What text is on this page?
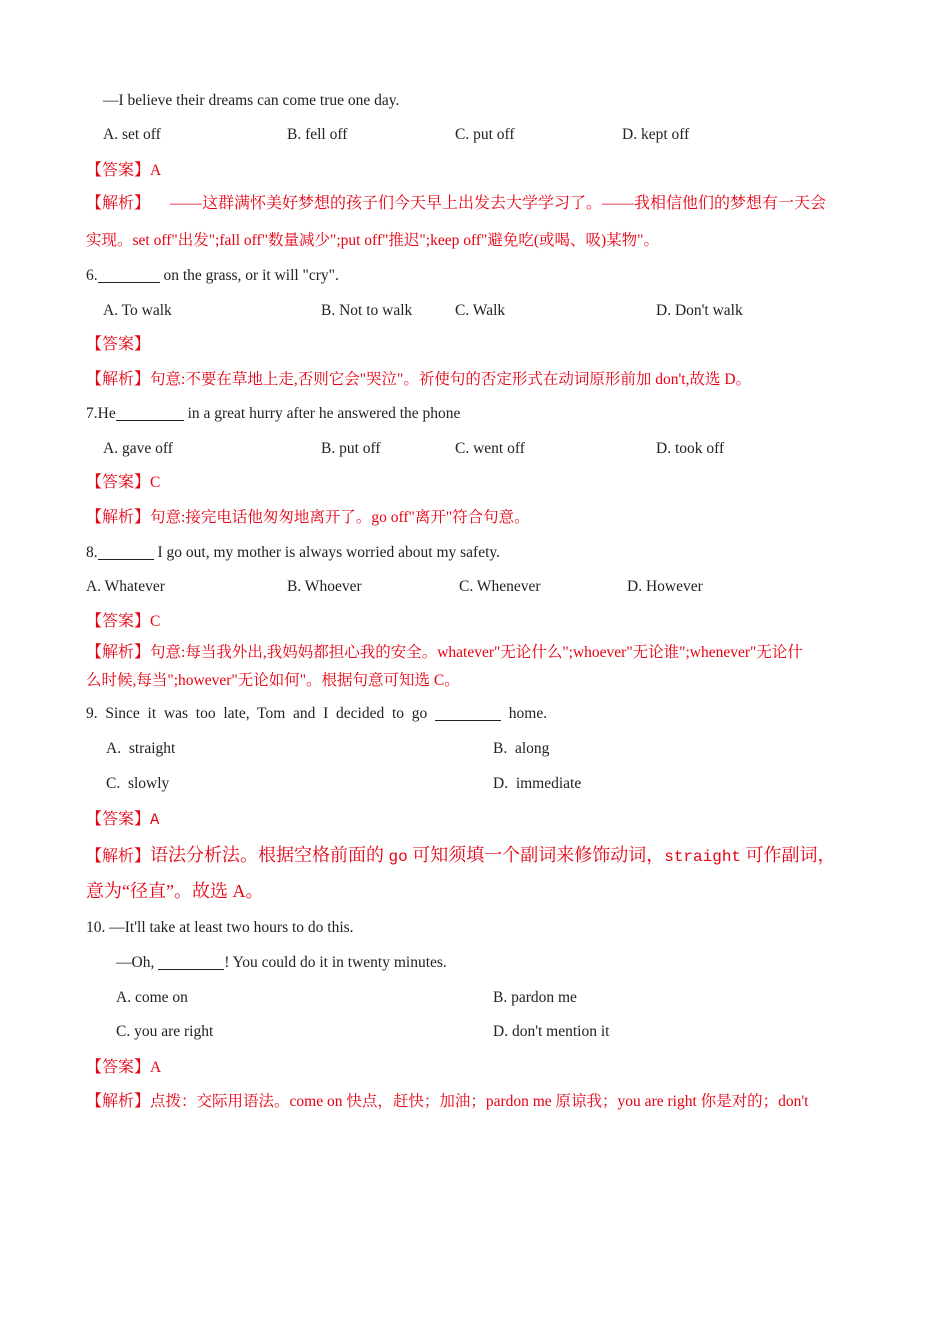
—I believe their dreams can come true one day.
A. set off	B. fell off	C. put off	D. kept off
【答案】A
【解析】 ——这群满怀美好梦想的孩子们今天早上出发去大学学习了。——我相信他们的梦想有一天会
实现。set off"出发";fall off"数量减少";put off"推迟";keep off"避免吃(或喝、吸)某物"。
6.	on the grass, or it will "cry".
A. To walk	B. Not to walk	C. Walk	D. Don't walk
【答案】
【解析】句意:不要在草地上走,否则它会"哭泣"。祈使句的否定形式在动词原形前加 don't,故选 D。
7.He	in a great hurry after he answered the phone
A. gave off	B. put off	C. went off	D. took off
【答案】C
【解析】句意:接完电话他匆匆地离开了。go off"离开"符合句意。
8.	I go out, my mother is always worried about my safety.
A. Whatever	B. Whoever	C. Whenever	D. However
【答案】C
【解析】句意:每当我外出,我妈妈都担心我的安全。whatever"无论什么";whoever"无论谁";whenever"无论什
么时候,每当";however"无论如何"。根据句意可知选 C。
9.  Since  it  was  too  late,  Tom  and  I  decided  to  go	home.
A.  straight	B.  along
C.  slowly	D.  immediate
【答案】A
【解析】语法分析法。根据空格前面的 go 可知须填一个副词来修饰动词，straight 可作副词，
意为“径直”。故选 A。
10. —It'll take at least two hours to do this.
—Oh,	! You could do it in twenty minutes.
A. come on	B. pardon me
C. you are right	D. don't mention it
【答案】A
【解析】点拨：交际用语法。come on 快点，赶快；加油；pardon me 原谅我；you are right 你是对的；don't
